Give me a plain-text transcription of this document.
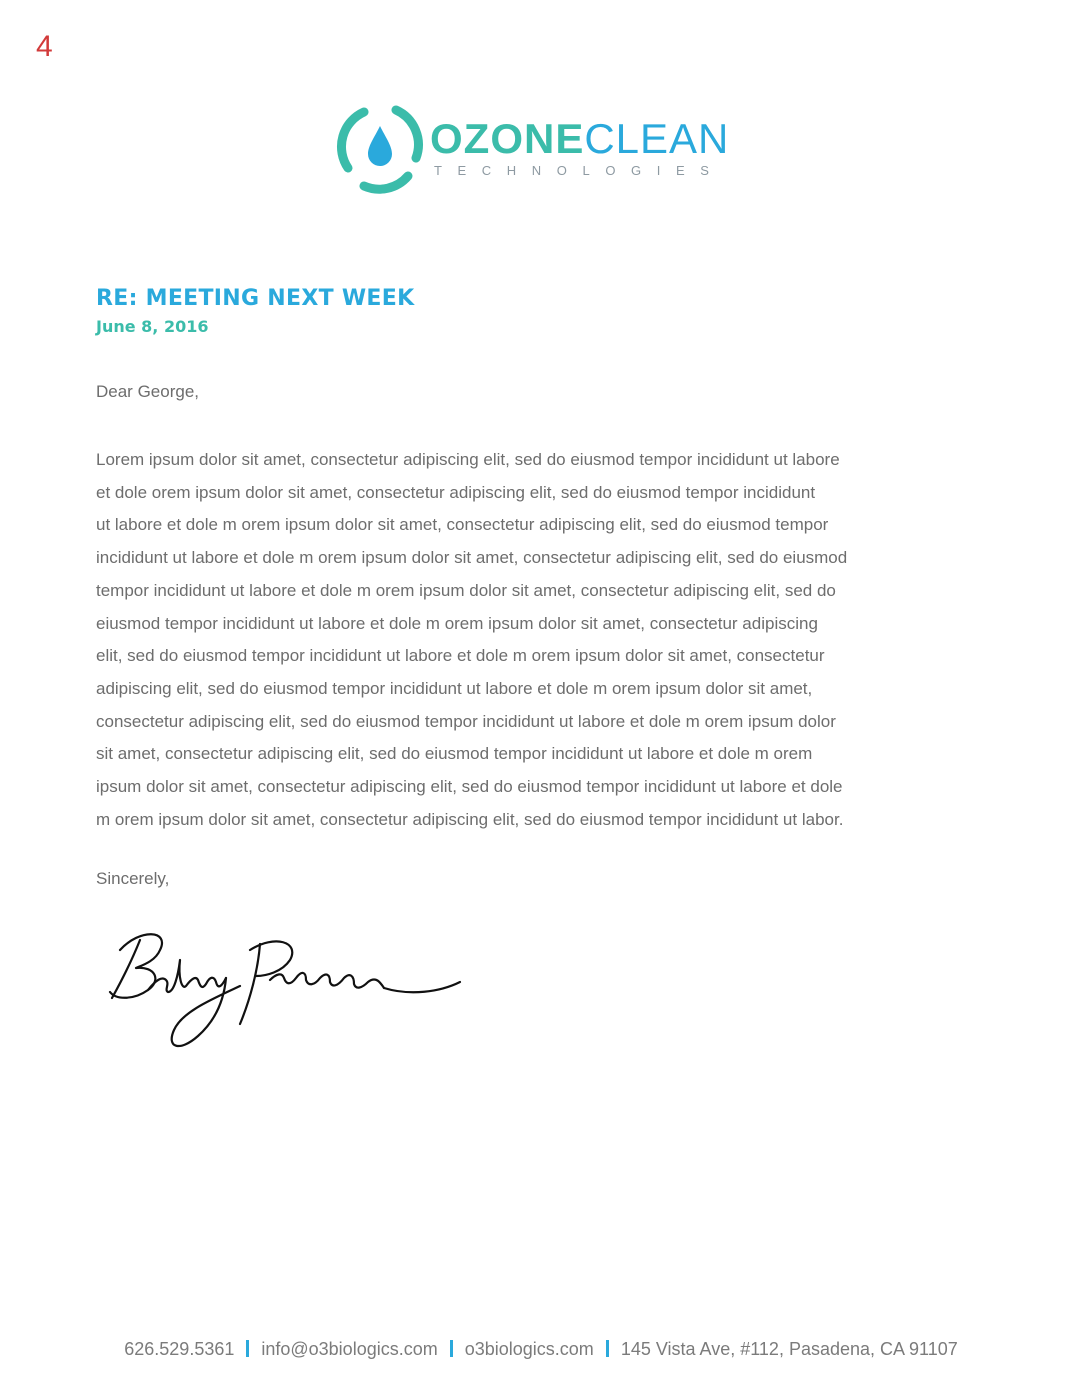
4
OZONECLEAN
TECHNOLOGIES
RE: MEETING NEXT WEEK
June 8, 2016
Dear George,
Lorem ipsum dolor sit amet, consectetur adipiscing elit, sed do eiusmod tempor incididunt ut labore
et dole orem ipsum dolor sit amet, consectetur adipiscing elit, sed do eiusmod tempor incididunt
ut labore et dole m orem ipsum dolor sit amet, consectetur adipiscing elit, sed do eiusmod tempor
incididunt ut labore et dole m orem ipsum dolor sit amet, consectetur adipiscing elit, sed do eiusmod
tempor incididunt ut labore et dole m orem ipsum dolor sit amet, consectetur adipiscing elit, sed do
eiusmod tempor incididunt ut labore et dole m orem ipsum dolor sit amet, consectetur adipiscing
elit, sed do eiusmod tempor incididunt ut labore et dole m orem ipsum dolor sit amet, consectetur
adipiscing elit, sed do eiusmod tempor incididunt ut labore et dole m orem ipsum dolor sit amet,
consectetur adipiscing elit, sed do eiusmod tempor incididunt ut labore et dole m orem ipsum dolor
sit amet, consectetur adipiscing elit, sed do eiusmod tempor incididunt ut labore et dole m orem
ipsum dolor sit amet, consectetur adipiscing elit, sed do eiusmod tempor incididunt ut labore et dole
m orem ipsum dolor sit amet, consectetur adipiscing elit, sed do eiusmod tempor incididunt ut labor.
Sincerely,
626.529.5361 info@o3biologics.com o3biologics.com 145 Vista Ave, #112, Pasadena, CA 91107
